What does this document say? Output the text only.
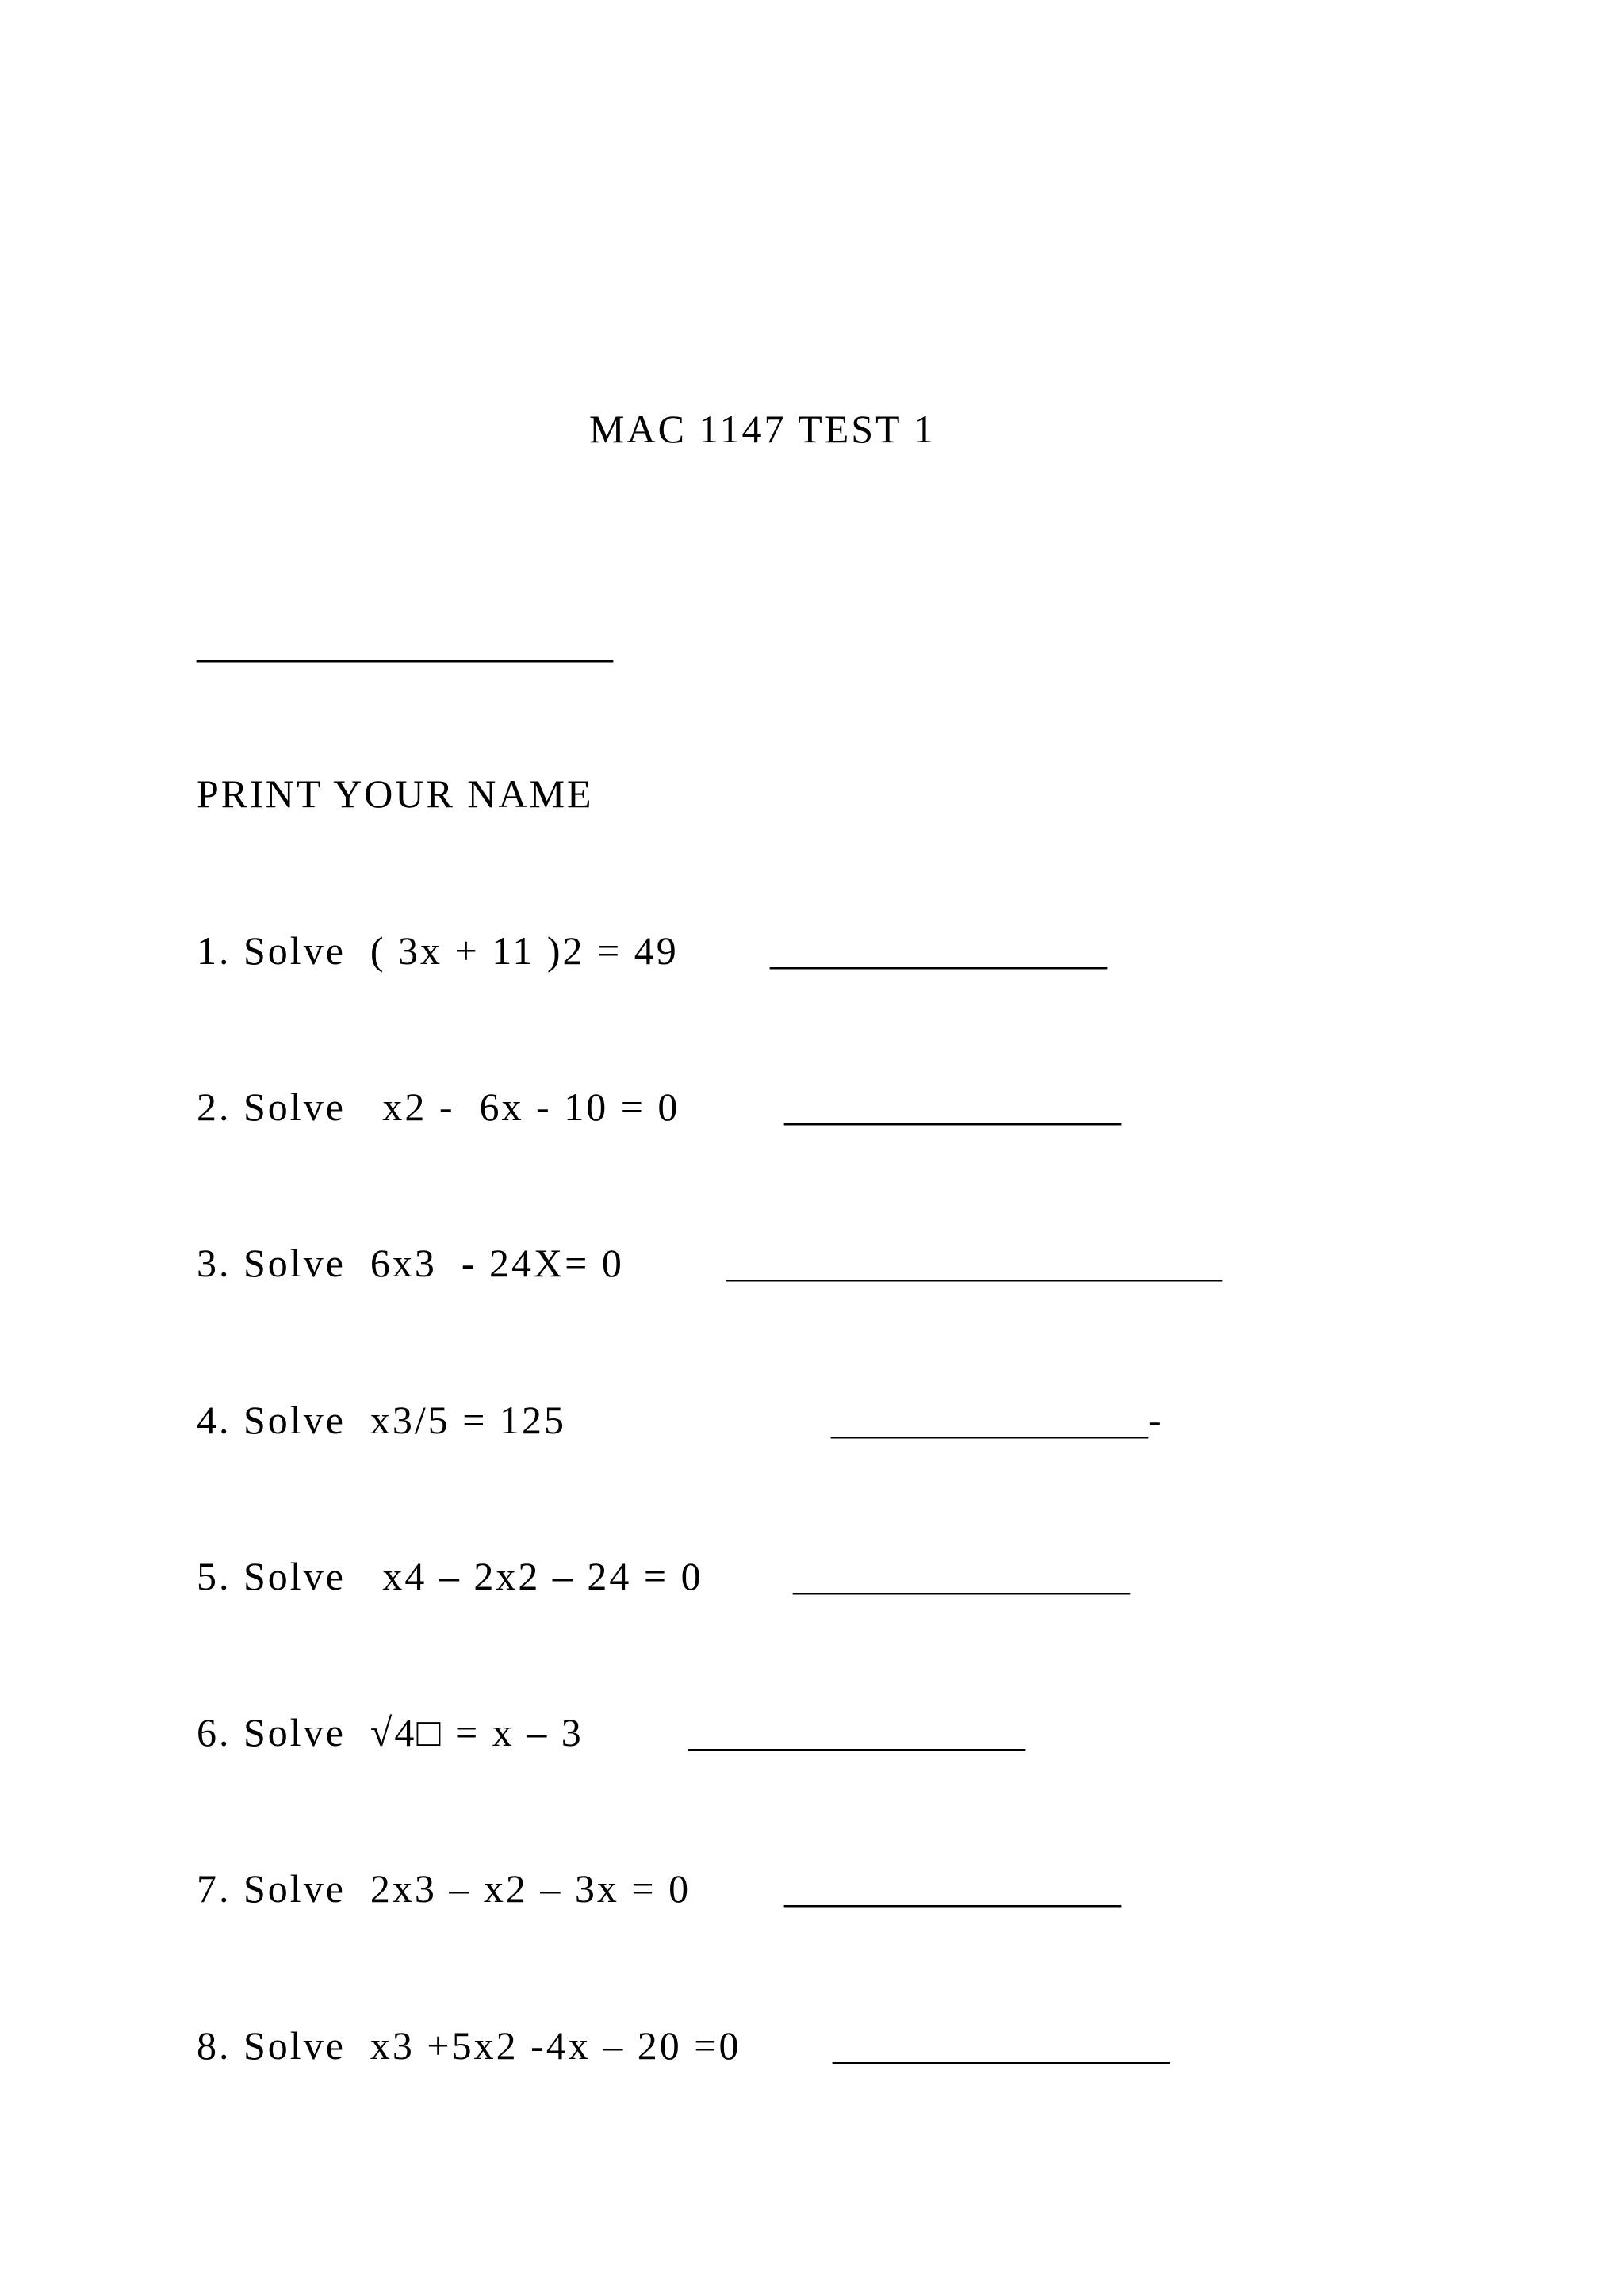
MAC 1147 TEST 1
_____________________
PRINT YOUR NAME
1. Solve  ( 3x + 11 )2 = 49 _________________
2. Solve   x2 -  6x - 10 = 0	_________________
3. Solve  6x3  - 24X= 0	_________________________
4. Solve  x3/5 = 125	________________-
5. Solve   x4 – 2x2 – 24 = 0 _________________
6. Solve  √4□ = x – 3	_________________
7. Solve  2x3 – x2 – 3x = 0 _________________
8. Solve  x3 +5x2 -4x – 20 =0 _________________
